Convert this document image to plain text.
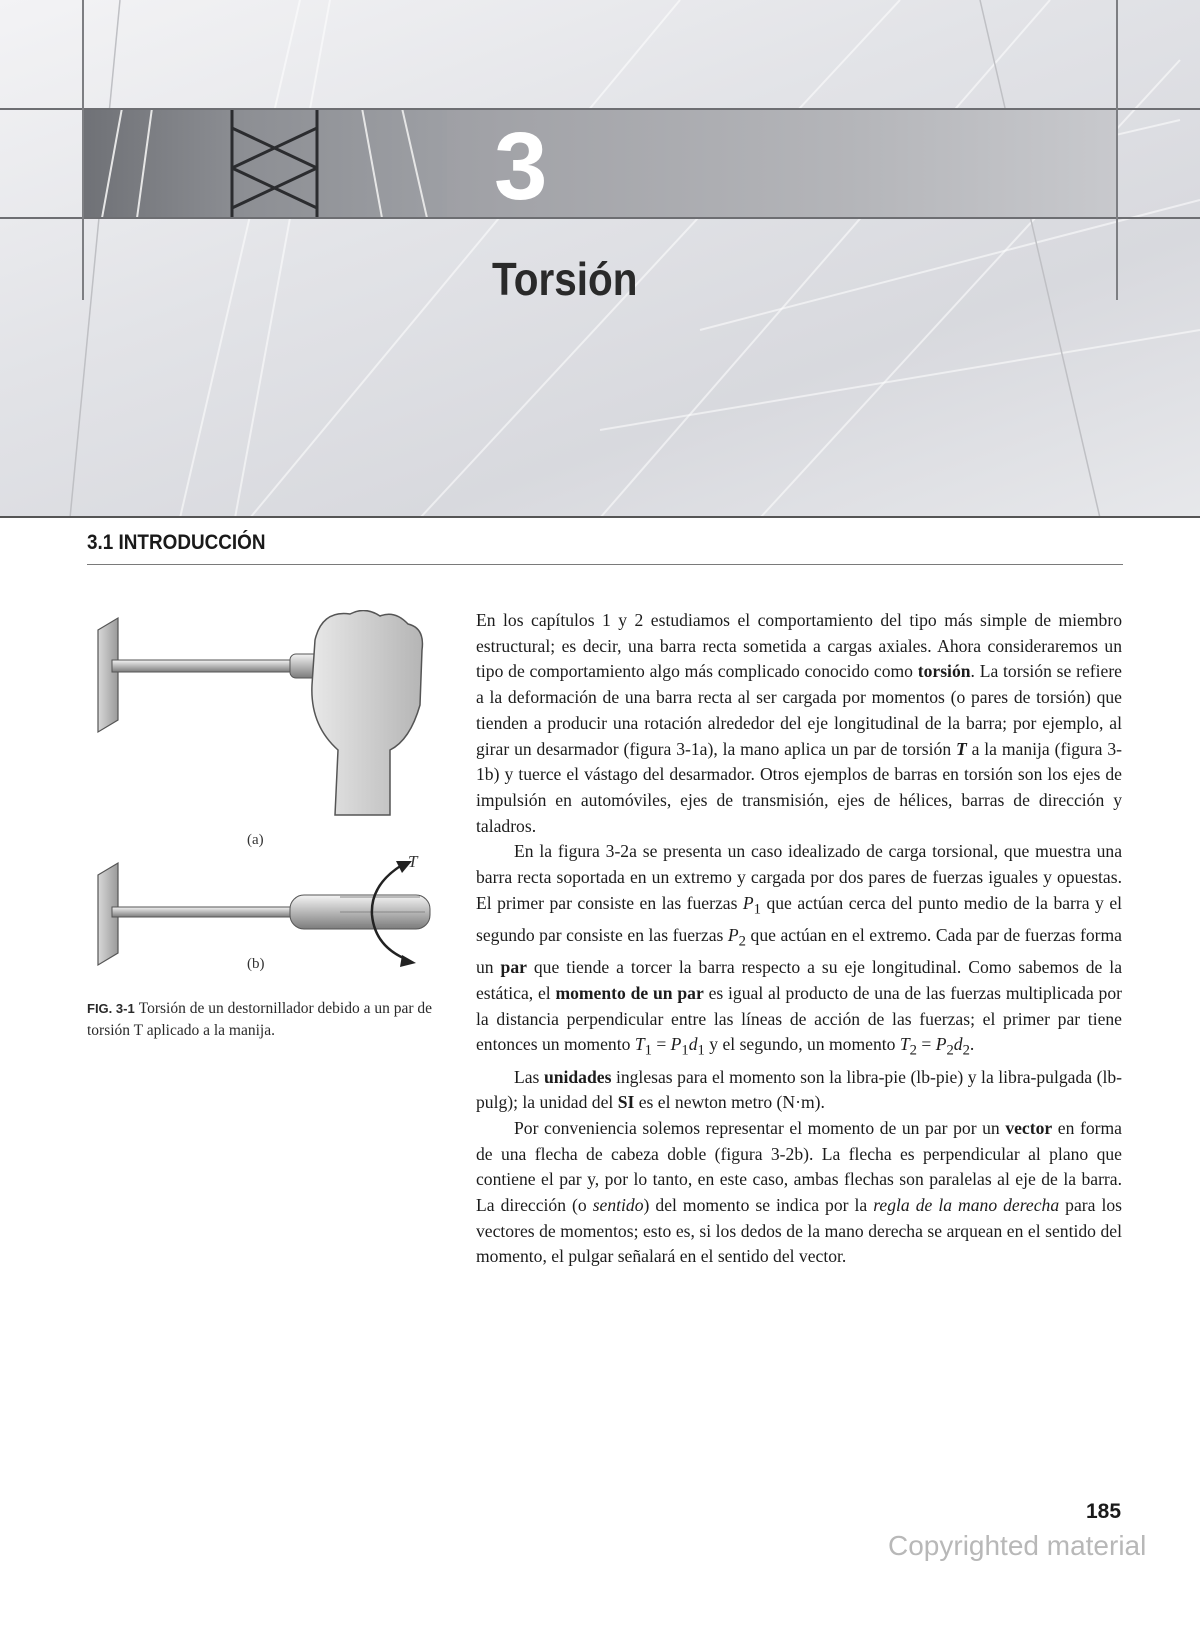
3
Torsión
3.1 INTRODUCCIÓN
(a)
T
(b)
FIG. 3-1 Torsión de un destornillador debido a un par de torsión T aplicado a la manija.

En los capítulos 1 y 2 estudiamos el comportamiento del tipo más simple de miembro estructural; es decir, una barra recta sometida a cargas axiales. Ahora consideraremos un tipo de comportamiento algo más complicado conocido como torsión. La torsión se refiere a la deformación de una barra recta al ser cargada por momentos (o pares de torsión) que tienden a producir una rotación alrededor del eje longitudinal de la barra; por ejemplo, al girar un desarmador (figura 3-1a), la mano aplica un par de torsión T a la manija (figura 3-1b) y tuerce el vástago del desarmador. Otros ejemplos de barras en torsión son los ejes de impulsión en automóviles, ejes de transmisión, ejes de hélices, barras de dirección y taladros.

En la figura 3-2a se presenta un caso idealizado de carga torsional, que muestra una barra recta soportada en un extremo y cargada por dos pares de fuerzas iguales y opuestas. El primer par consiste en las fuerzas $P_1$ que actúan cerca del punto medio de la barra y el segundo par consiste en las fuerzas $P_2$ que actúan en el extremo. Cada par de fuerzas forma un par que tiende a torcer la barra respecto a su eje longitudinal. Como sabemos de la estática, el momento de un par es igual al producto de una de las fuerzas multiplicada por la distancia perpendicular entre las líneas de acción de las fuerzas; el primer par tiene entonces un momento $T_1 = P_1d_1$ y el segundo, un momento $T_2 = P_2d_2$.

Las unidades inglesas para el momento son la libra-pie (lb-pie) y la libra-pulgada (lb-pulg); la unidad del SI es el newton metro (N·m).

Por conveniencia solemos representar el momento de un par por un vector en forma de una flecha de cabeza doble (figura 3-2b). La flecha es perpendicular al plano que contiene el par y, por lo tanto, en este caso, ambas flechas son paralelas al eje de la barra. La dirección (o sentido) del momento se indica por la regla de la mano derecha para los vectores de momentos; esto es, si los dedos de la mano derecha se arquean en el sentido del momento, el pulgar señalará en el sentido del vector.

185
Copyrighted material
